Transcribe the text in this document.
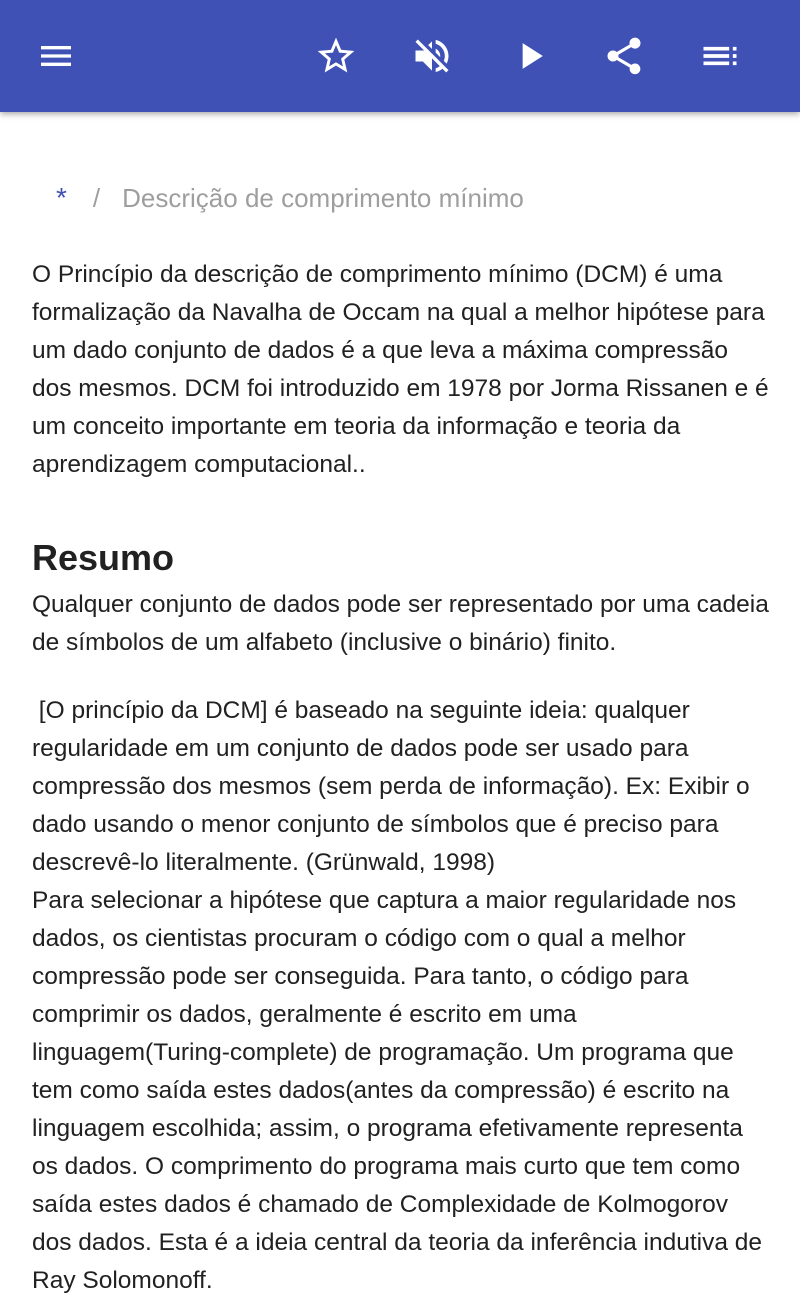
* / Descrição de comprimento mínimo

O Princípio da descrição de comprimento mínimo (DCM) é uma formalização da Navalha de Occam na qual a melhor hipótese para um dado conjunto de dados é a que leva a máxima compressão dos mesmos. DCM foi introduzido em 1978 por Jorma Rissanen e é um conceito importante em teoria da informação e teoria da aprendizagem computacional..

Resumo

Qualquer conjunto de dados pode ser representado por uma cadeia de símbolos de um alfabeto (inclusive o binário) finito.

[O princípio da DCM] é baseado na seguinte ideia: qualquer regularidade em um conjunto de dados pode ser usado para compressão dos mesmos (sem perda de informação). Ex: Exibir o dado usando o menor conjunto de símbolos que é preciso para descrevê-lo literalmente. (Grünwald, 1998)

Para selecionar a hipótese que captura a maior regularidade nos dados, os cientistas procuram o código com o qual a melhor compressão pode ser conseguida. Para tanto, o código para comprimir os dados, geralmente é escrito em uma linguagem(Turing-complete) de programação. Um programa que tem como saída estes dados(antes da compressão) é escrito na linguagem escolhida; assim, o programa efetivamente representa os dados. O comprimento do programa mais curto que tem como saída estes dados é chamado de Complexidade de Kolmogorov dos dados. Esta é a ideia central da teoria da inferência indutiva de Ray Solomonoff.
